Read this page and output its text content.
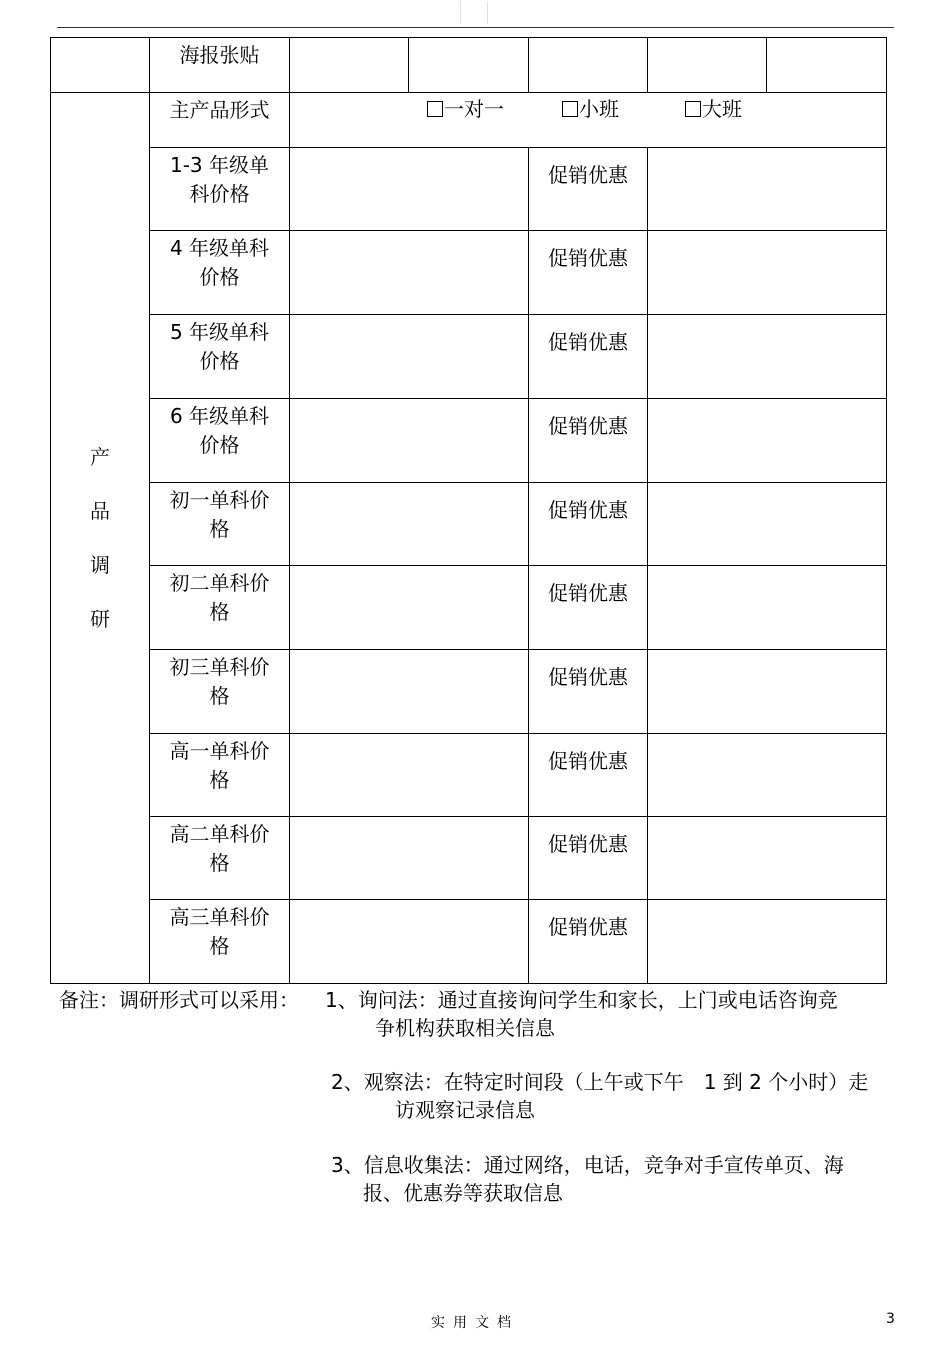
	海报张贴					

产
品
调
研	主产品形式	一对一 小班 大班				

	1-3 年级单
科价格			促销优惠		

	4 年级单科
价格			促销优惠		

	5 年级单科
价格			促销优惠		

	6 年级单科
价格			促销优惠		

	初一单科价
格			促销优惠		

	初二单科价
格			促销优惠		

	初三单科价
格			促销优惠		

	高一单科价
格			促销优惠		

	高二单科价
格			促销优惠		

	高三单科价
格			促销优惠		
备注：调研形式可以采用： 1、询问法：通过直接询问学生和家长，上门或电话咨询竞
争机构获取相关信息
2、观察法：在特定时间段（上午或下午　1 到 2 个小时）走
访观察记录信息
3、信息收集法：通过网络，电话，竞争对手宣传单页、海
报、优惠券等获取信息
实用文档	3
